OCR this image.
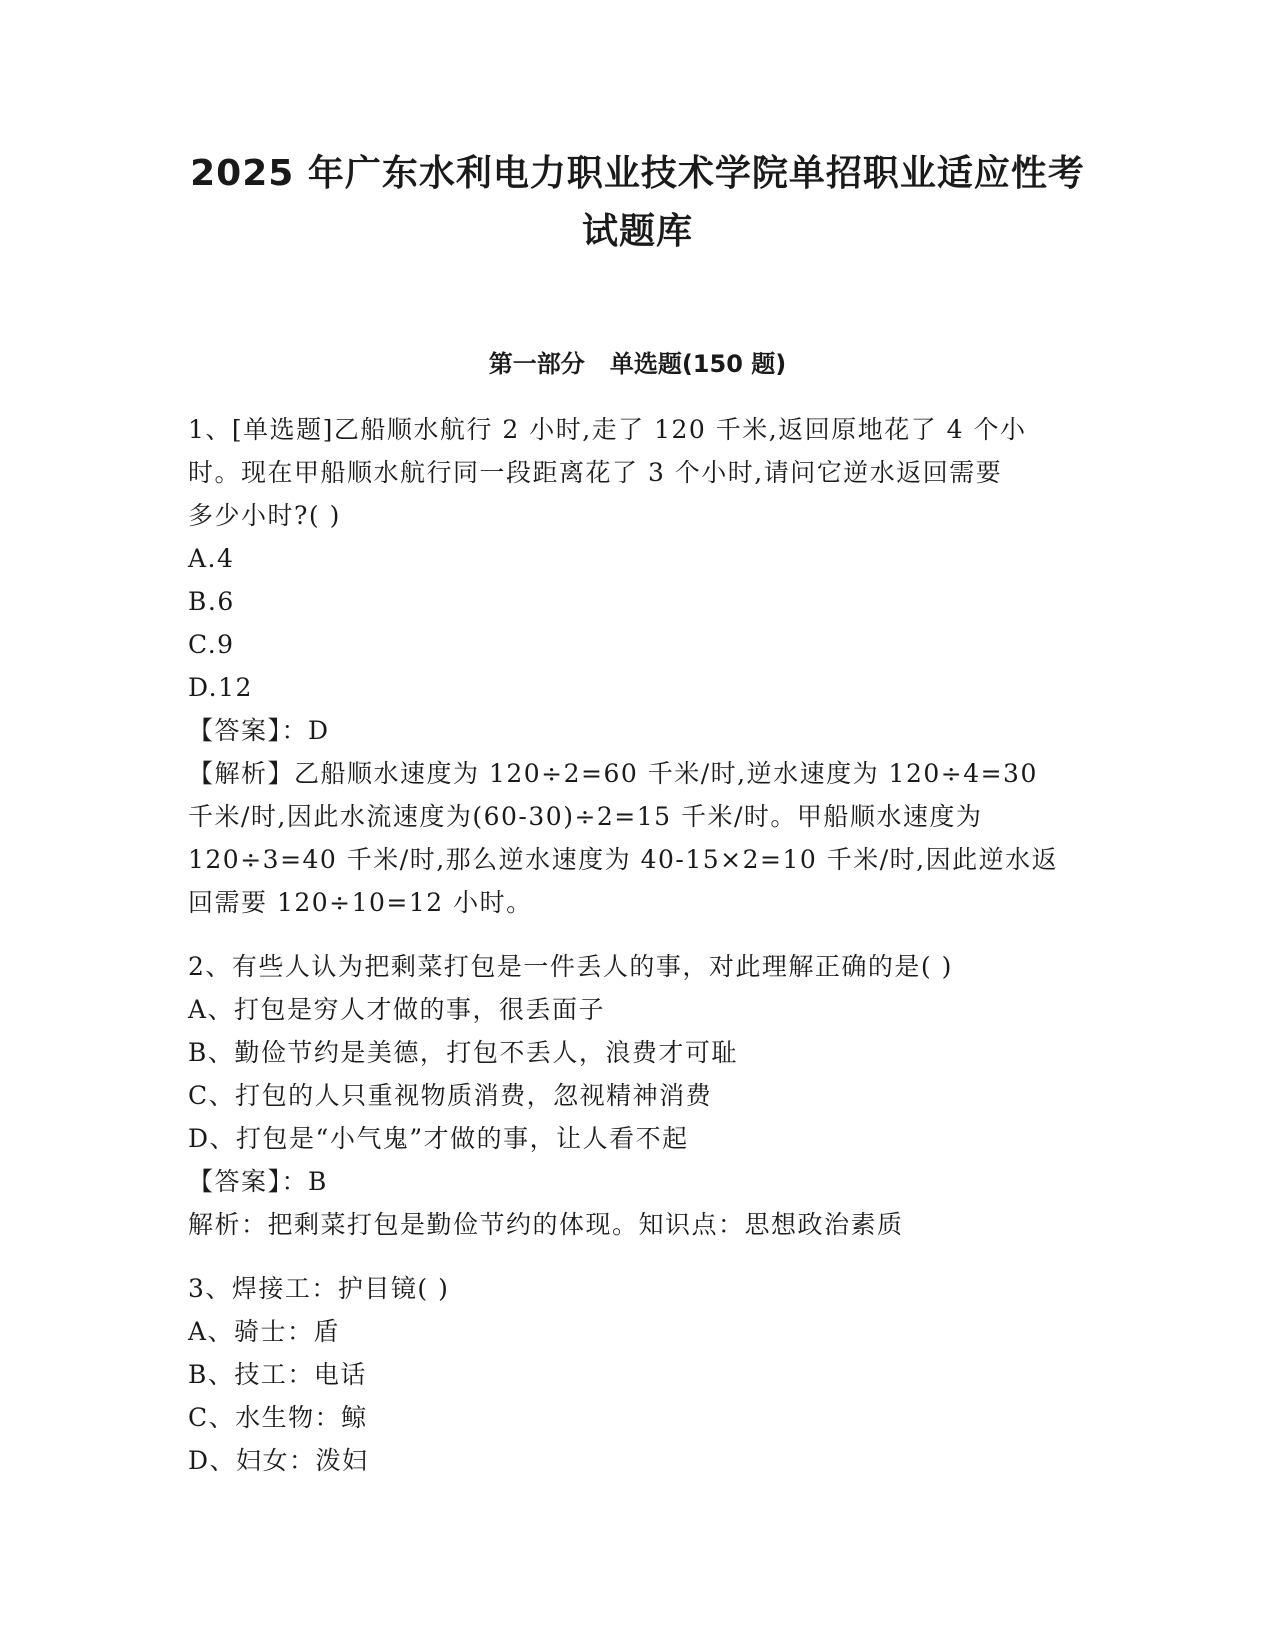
2025 年广东水利电力职业技术学院单招职业适应性考
试题库
第一部分   单选题(150 题)
1、[单选题]乙船顺水航行 2 小时,走了 120 千米,返回原地花了 4 个小
时。现在甲船顺水航行同一段距离花了 3 个小时,请问它逆水返回需要
多少小时?( )
A.4
B.6
C.9
D.12
【答案】：D
【解析】乙船顺水速度为 120÷2=60 千米/时,逆水速度为 120÷4=30
千米/时,因此水流速度为(60-30)÷2=15 千米/时。甲船顺水速度为
120÷3=40 千米/时,那么逆水速度为 40-15×2=10 千米/时,因此逆水返
回需要 120÷10=12 小时。
2、有些人认为把剩菜打包是一件丢人的事，对此理解正确的是( )
A、打包是穷人才做的事，很丢面子
B、勤俭节约是美德，打包不丢人，浪费才可耻
C、打包的人只重视物质消费，忽视精神消费
D、打包是“小气鬼”才做的事，让人看不起
【答案】：B
解析：把剩菜打包是勤俭节约的体现。知识点：思想政治素质
3、焊接工：护目镜( )
A、骑士：盾
B、技工：电话
C、水生物：鲸
D、妇女：泼妇
